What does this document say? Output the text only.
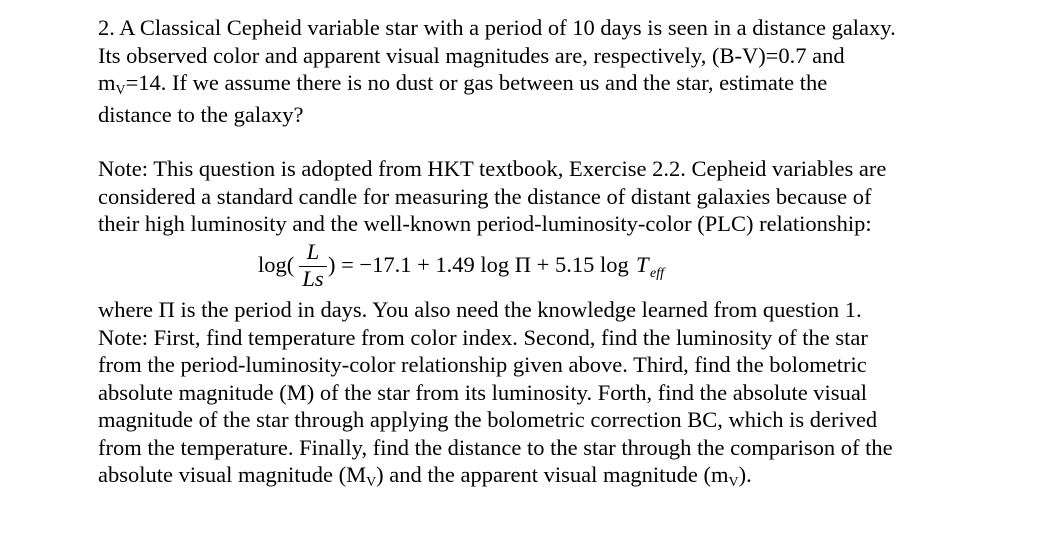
2. A Classical Cepheid variable star with a period of 10 days is seen in a distance galaxy.
Its observed color and apparent visual magnitudes are, respectively, (B-V)=0.7 and
mV=14. If we assume there is no dust or gas between us and the star, estimate the
distance to the galaxy?
Note: This question is adopted from HKT textbook, Exercise 2.2. Cepheid variables are
considered a standard candle for measuring the distance of distant galaxies because of
their high luminosity and the well-known period-luminosity-color (PLC) relationship:
log(
L
Ls
) = −17.1 + 1.49 log Π + 5.15 log T eff
where Π is the period in days. You also need the knowledge learned from question 1.
Note: First, find temperature from color index. Second, find the luminosity of the star
from the period-luminosity-color relationship given above. Third, find the bolometric
absolute magnitude (M) of the star from its luminosity. Forth, find the absolute visual
magnitude of the star through applying the bolometric correction BC, which is derived
from the temperature. Finally, find the distance to the star through the comparison of the
absolute visual magnitude (MV) and the apparent visual magnitude (mV).
